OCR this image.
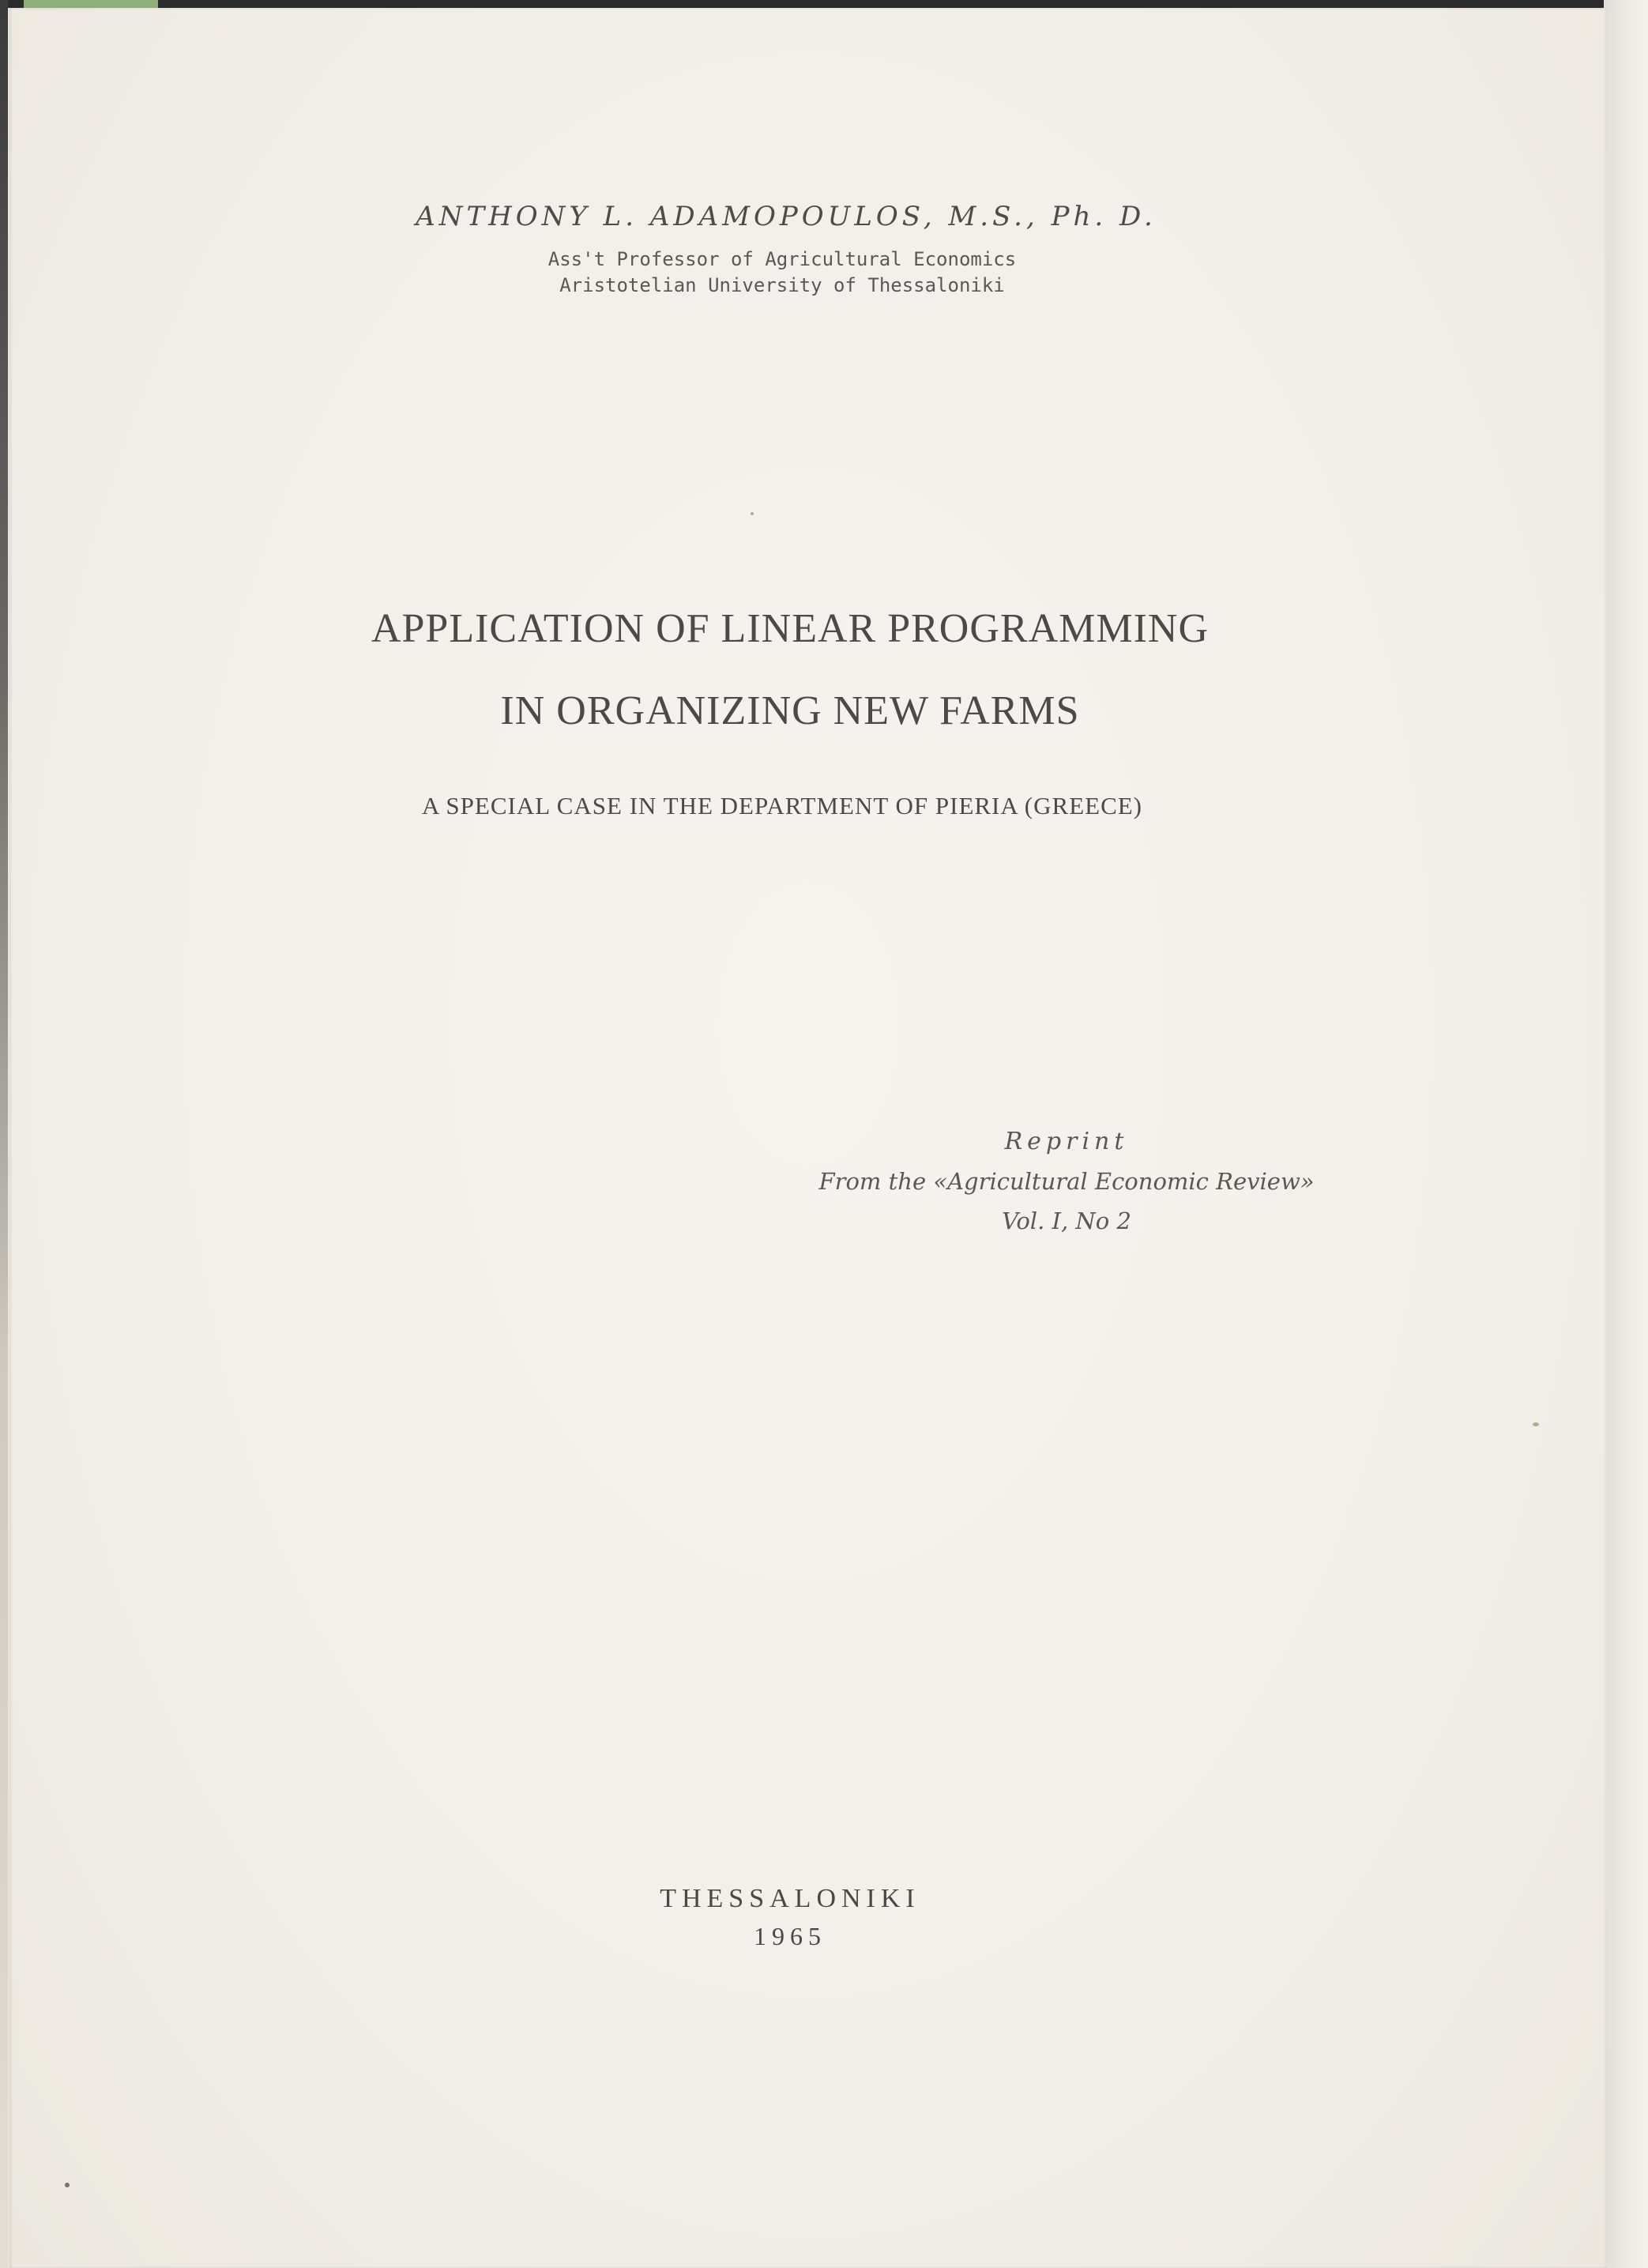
ANTHONY L. ADAMOPOULOS, M.S., Ph. D.
Ass't Professor of Agricultural Economics
Aristotelian University of Thessaloniki
APPLICATION OF LINEAR PROGRAMMING
IN ORGANIZING NEW FARMS
A SPECIAL CASE IN THE DEPARTMENT OF PIERIA (GREECE)
Reprint
From the «Agricultural Economic Review»
Vol. I, No 2
THESSALONIKI
1965
